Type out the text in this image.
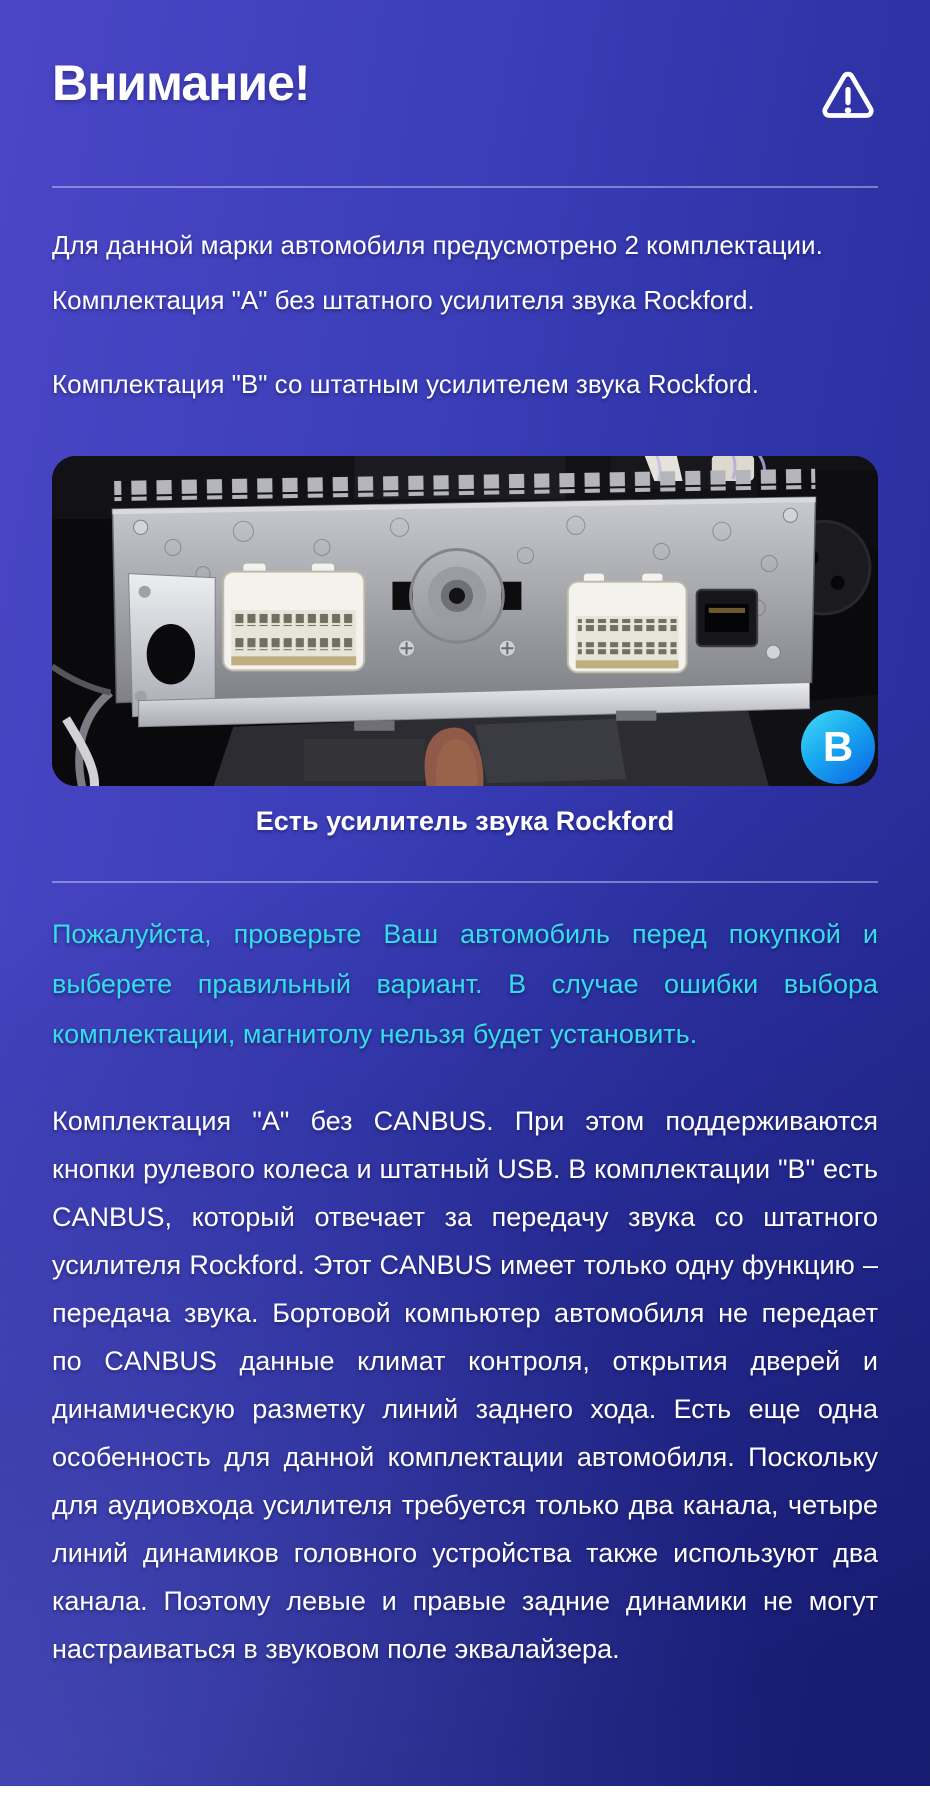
Внимание!

Для данной марки автомобиля предусмотрено 2 комплектации.
Комплектация "A" без штатного усилителя звука Rockford.

Комплектация "B" со штатным усилителем звука Rockford.

B
Есть усилитель звука Rockford

Пожалуйста, проверьте Ваш автомобиль перед покупкой и выберете правильный вариант. В случае ошибки выбора комплектации, магнитолу нельзя будет установить.

Комплектация "A" без CANBUS. При этом поддерживаются кнопки рулевого колеса и штатный USB. В комплектации "B" есть CANBUS, который отвечает за передачу звука со штатного усилителя Rockford. Этот CANBUS имеет только одну функцию – передача звука. Бортовой компьютер автомобиля не передает по CANBUS данные климат контроля, открытия дверей и динамическую разметку линий заднего хода. Есть еще одна особенность для данной комплектации автомобиля. Поскольку для аудиовхода усилителя требуется только два канала, четыре линий динамиков головного устройства также используют два канала. Поэтому левые и правые задние динамики не могут настраиваться в звуковом поле эквалайзера.
